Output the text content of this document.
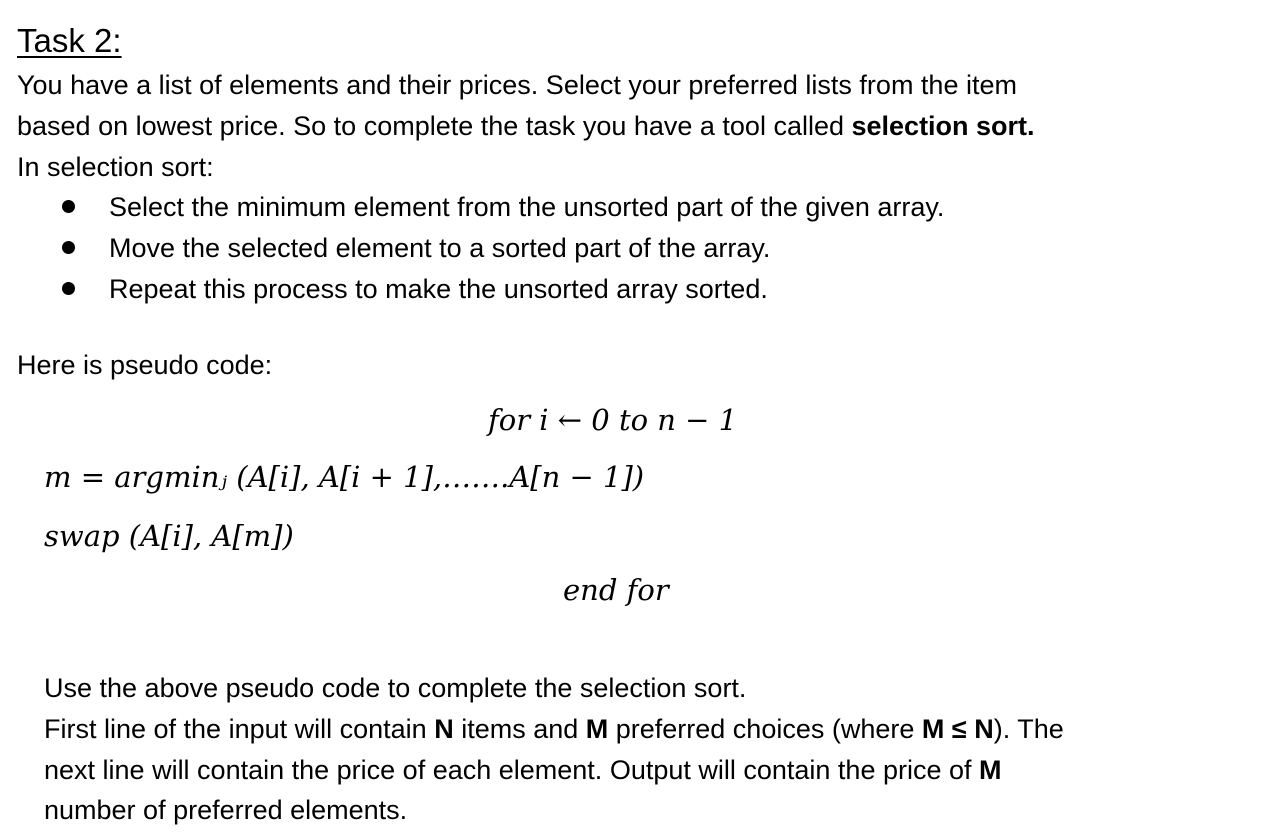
Task 2:
You have a list of elements and their prices. Select your preferred lists from the item
based on lowest price. So to complete the task you have a tool called selection sort.
In selection sort:
Select the minimum element from the unsorted part of the given array.
Move the selected element to a sorted part of the array.
Repeat this process to make the unsorted array sorted.
Here is pseudo code:
for i ← 0 to n − 1
m = argminⱼ (A[i], A[i + 1],…….A[n − 1])
swap (A[i], A[m])
end for
Use the above pseudo code to complete the selection sort.
First line of the input will contain N items and M preferred choices (where M ≤ N). The
next line will contain the price of each element. Output will contain the price of M
number of preferred elements.
